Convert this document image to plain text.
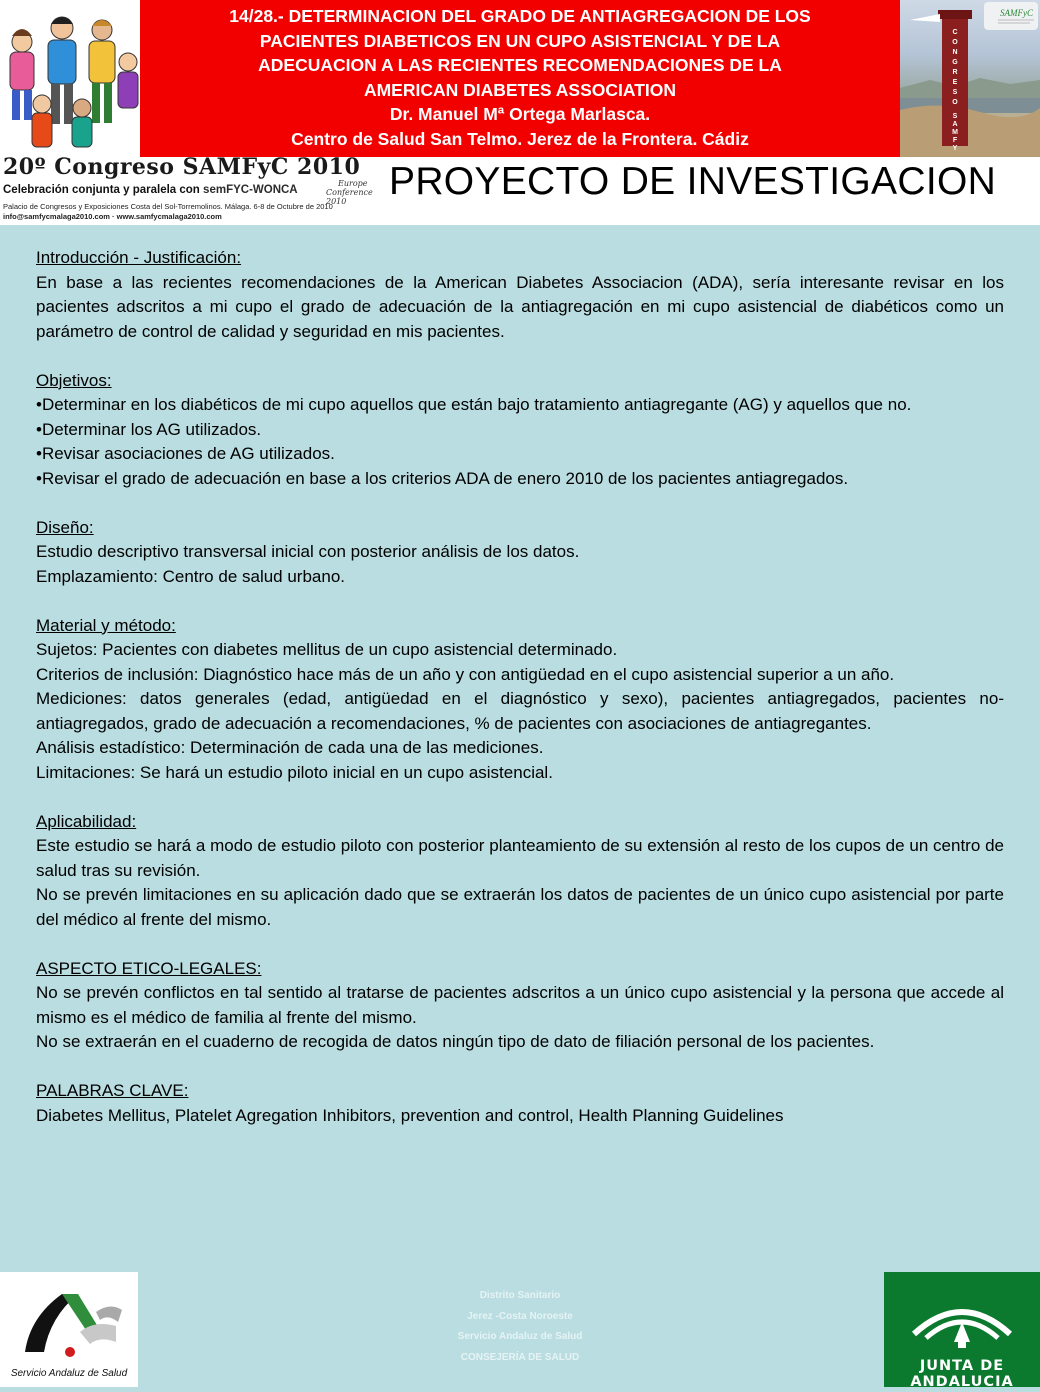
14/28.- DETERMINACION DEL GRADO DE ANTIAGREGACION DE LOS
PACIENTES DIABETICOS EN UN CUPO ASISTENCIAL Y DE LA
ADECUACION A LAS RECIENTES RECOMENDACIONES DE LA
AMERICAN DIABETES ASSOCIATION
Dr. Manuel Mª Ortega Marlasca.
Centro de Salud San Telmo. Jerez de la Frontera. Cádiz
C
O
N
G
R
E
S
O
S
A
M
F
Y
SAMFyC
20º Congreso SAMFyC 2010
Celebración conjunta y paralela con semFYC-WONCA
Europe
Conference 2010
Palacio de Congresos y Exposiciones Costa del Sol-Torremolinos. Málaga. 6-8 de Octubre de 2010
info@samfycmalaga2010.com · www.samfycmalaga2010.com
PROYECTO DE INVESTIGACION
Introducción - Justificación:
En base a las recientes recomendaciones de la American Diabetes Associacion (ADA), sería interesante revisar en los pacientes adscritos a mi cupo el grado de adecuación de la antiagregación en mi cupo asistencial de diabéticos como un parámetro de control de calidad y seguridad en mis pacientes.
Objetivos:
•Determinar en los diabéticos de mi cupo aquellos que están bajo tratamiento antiagregante (AG) y aquellos que no.
•Determinar los AG utilizados.
•Revisar asociaciones de AG utilizados.
•Revisar el grado de adecuación en base a los criterios ADA de enero 2010 de los pacientes antiagregados.
Diseño:
Estudio descriptivo transversal inicial con posterior análisis de los datos.
Emplazamiento: Centro de salud urbano.
Material y método:
Sujetos: Pacientes con diabetes mellitus de un cupo asistencial determinado.
Criterios de inclusión: Diagnóstico hace más de un año y con antigüedad en el cupo asistencial superior a un año.
Mediciones: datos generales (edad, antigüedad en el diagnóstico y sexo), pacientes antiagregados, pacientes no-antiagregados, grado de adecuación a recomendaciones, % de pacientes con asociaciones de antiagregantes.
Análisis estadístico: Determinación de cada una de las mediciones.
Limitaciones: Se hará un estudio piloto inicial en un cupo asistencial.
Aplicabilidad:
Este estudio se hará a modo de estudio piloto con posterior planteamiento de su extensión al resto de los cupos de un centro de salud tras su revisión.
No se prevén limitaciones en su aplicación dado que se extraerán los datos de pacientes de un único cupo asistencial por parte del médico al frente del mismo.
ASPECTO ETICO-LEGALES:
No se prevén conflictos en tal sentido al tratarse de pacientes adscritos a un único cupo asistencial y la persona que accede al mismo es el médico de familia al frente del mismo.
No se extraerán en el cuaderno de recogida de datos ningún tipo de dato de filiación personal de los pacientes.
PALABRAS CLAVE:
Diabetes Mellitus, Platelet Agregation Inhibitors, prevention and control, Health Planning Guidelines
Servicio Andaluz de Salud
Distrito Sanitario
Jerez -Costa Noroeste
Servicio Andaluz de Salud
CONSEJERÍA DE SALUD
JUNTA DE ANDALUCIA
